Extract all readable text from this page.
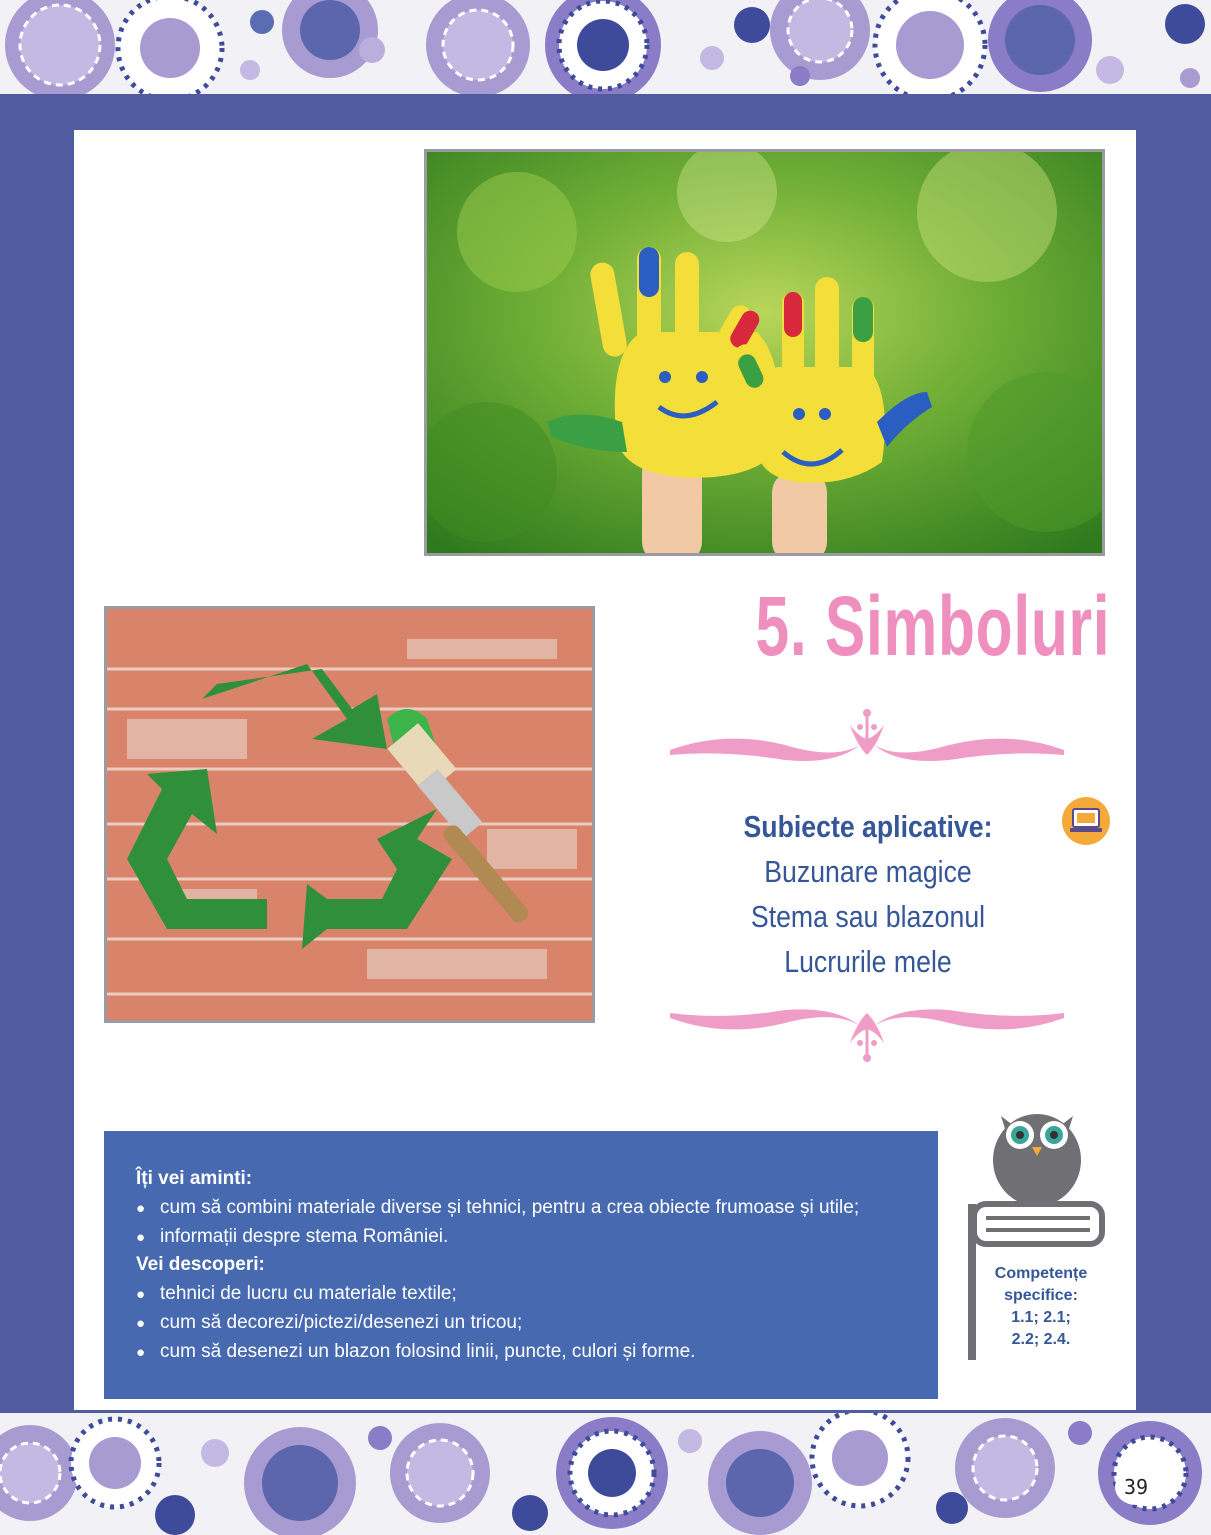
5. Simboluri
Subiecte aplicative:
Buzunare magice
Stema sau blazonul
Lucrurile mele
Îți vei aminti:
● cum să combini materiale diverse și tehnici, pentru a crea obiecte frumoase și utile;
● informații despre stema României.
Vei descoperi:
● tehnici de lucru cu materiale textile;
● cum să decorezi/pictezi/desenezi un tricou;
● cum să desenezi un blazon folosind linii, puncte, culori și forme.
Competențe
specifice:
1.1; 2.1;
2.2; 2.4.
39
